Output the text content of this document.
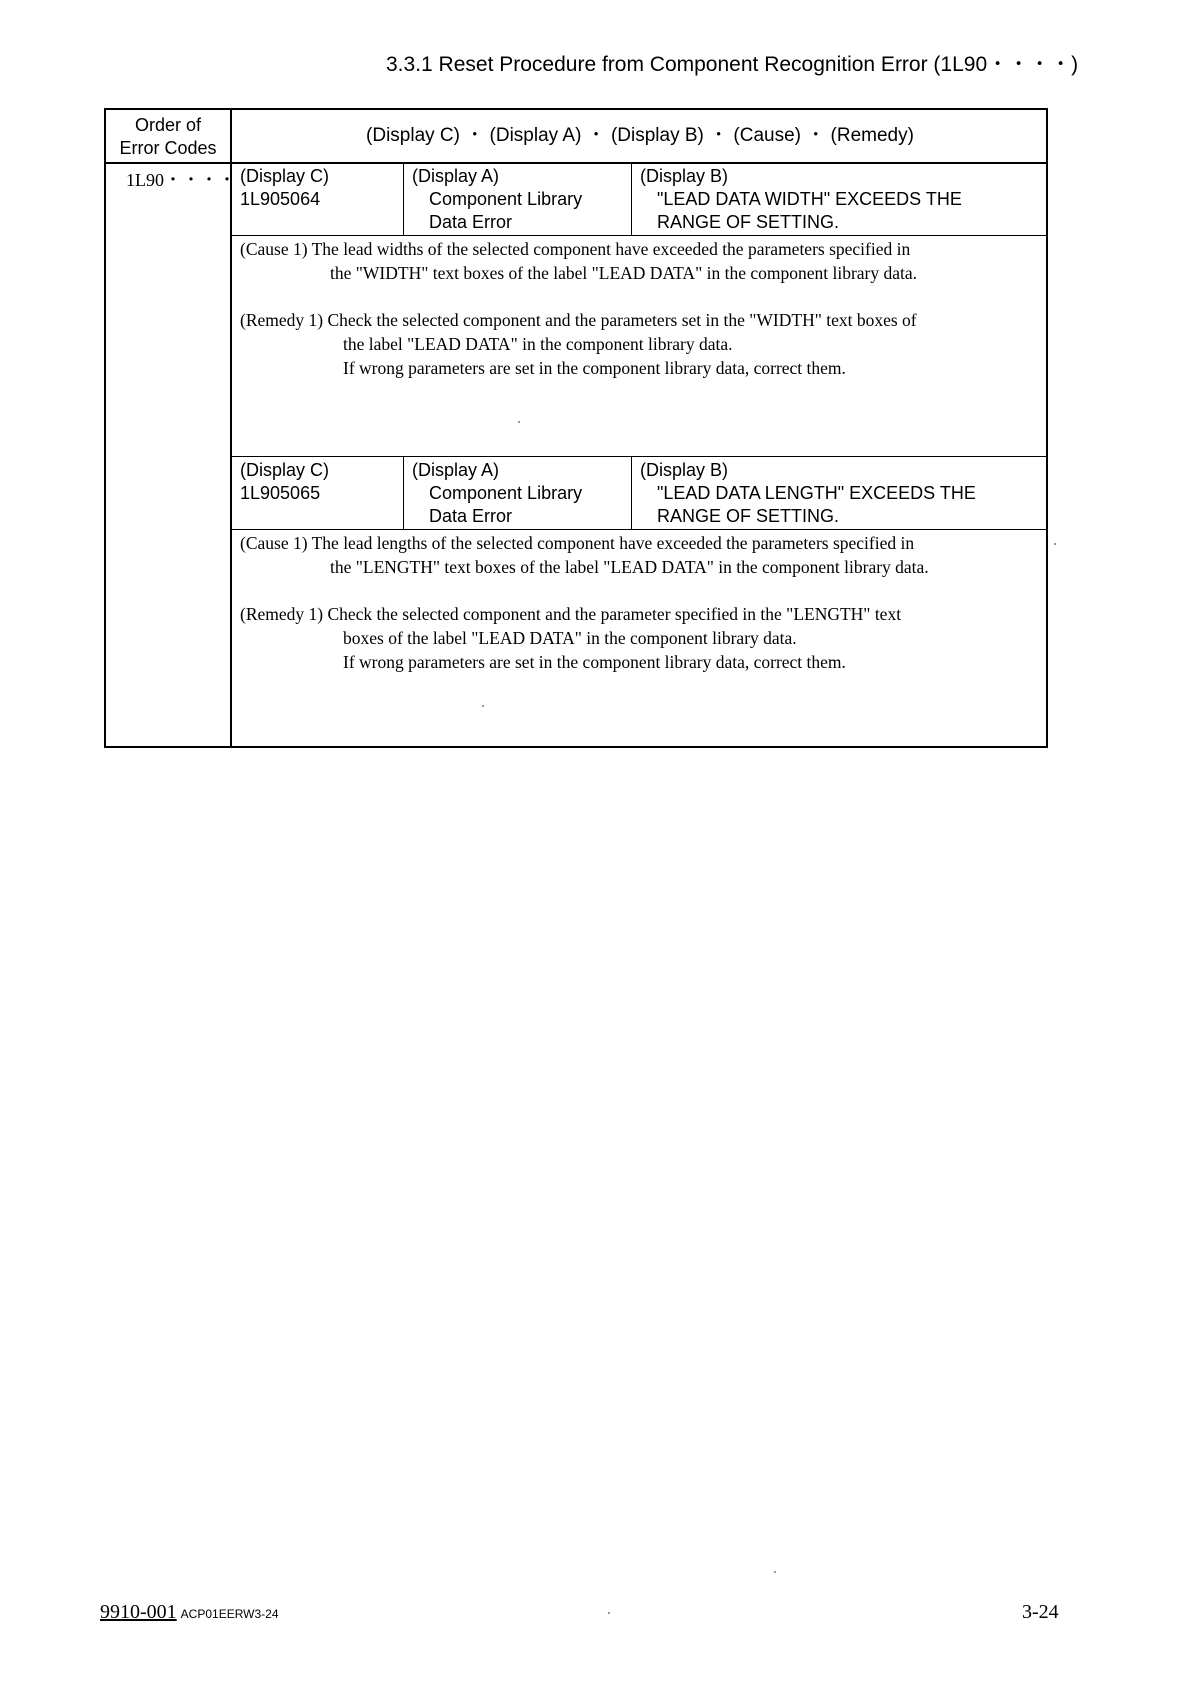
3.3.1 Reset Procedure from Component Recognition Error (1L90・・・・)
Order of
Error Codes
(Display C) ・ (Display A) ・ (Display B) ・ (Cause) ・ (Remedy)
1L90・・・・ (Display C)
1L905064
(Display A)
Component Library
Data Error
(Display B)
"LEAD DATA WIDTH" EXCEEDS THE
RANGE OF SETTING.
(Cause 1) The lead widths of the selected component have exceeded the parameters specified in
the "WIDTH" text boxes of the label "LEAD DATA" in the component library data.
(Remedy 1) Check the selected component and the parameters set in the "WIDTH" text boxes of
the label "LEAD DATA" in the component library data.
If wrong parameters are set in the component library data, correct them.
(Display C)
1L905065
(Display A)
Component Library
Data Error
(Display B)
"LEAD DATA LENGTH" EXCEEDS THE
RANGE OF SETTING.
(Cause 1) The lead lengths of the selected component have exceeded the parameters specified in
the "LENGTH" text boxes of the label "LEAD DATA" in the component library data.
(Remedy 1) Check the selected component and the parameter specified in the "LENGTH" text
boxes of the label "LEAD DATA" in the component library data.
If wrong parameters are set in the component library data, correct them.
9910-001 ACP01EERW3-24	3-24
